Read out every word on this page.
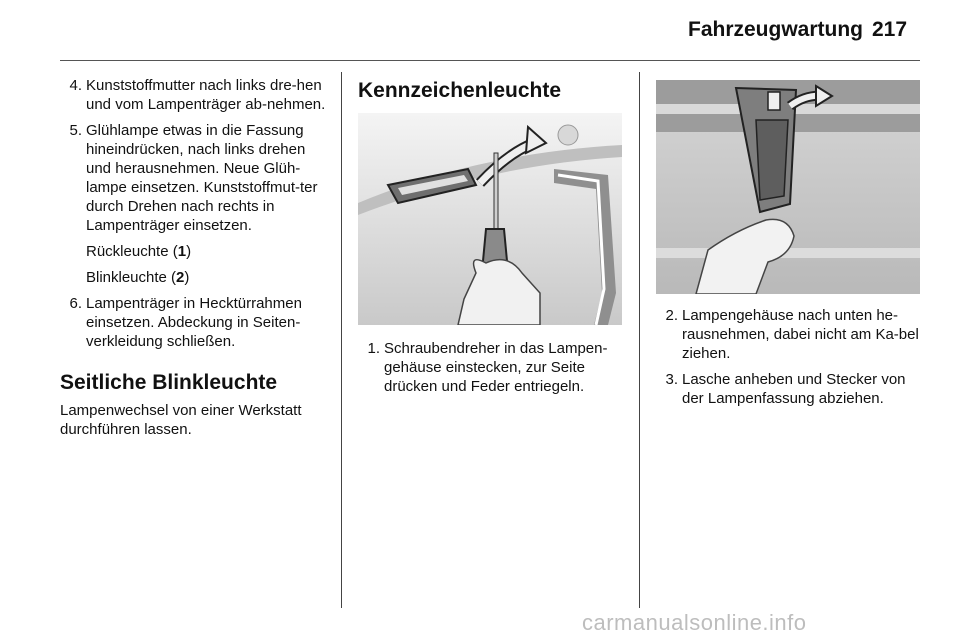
Fahrzeugwartung 217
4. Kunststoffmutter nach links dre-hen und vom Lampenträger ab-nehmen.
5. Glühlampe etwas in die Fassung hineindrücken, nach links drehen und herausnehmen. Neue Glüh-lampe einsetzen. Kunststoffmut-ter durch Drehen nach rechts in Lampenträger einsetzen.
Rückleuchte (1)
Blinkleuchte (2)
6. Lampenträger in Hecktürrahmen einsetzen. Abdeckung in Seiten-verkleidung schließen.
Seitliche Blinkleuchte
Lampenwechsel von einer Werkstatt durchführen lassen.
Kennzeichenleuchte
1. Schraubendreher in das Lampen-gehäuse einstecken, zur Seite drücken und Feder entriegeln.
2. Lampengehäuse nach unten he-rausnehmen, dabei nicht am Ka-bel ziehen.
3. Lasche anheben und Stecker von der Lampenfassung abziehen.
carmanualsonline.info
